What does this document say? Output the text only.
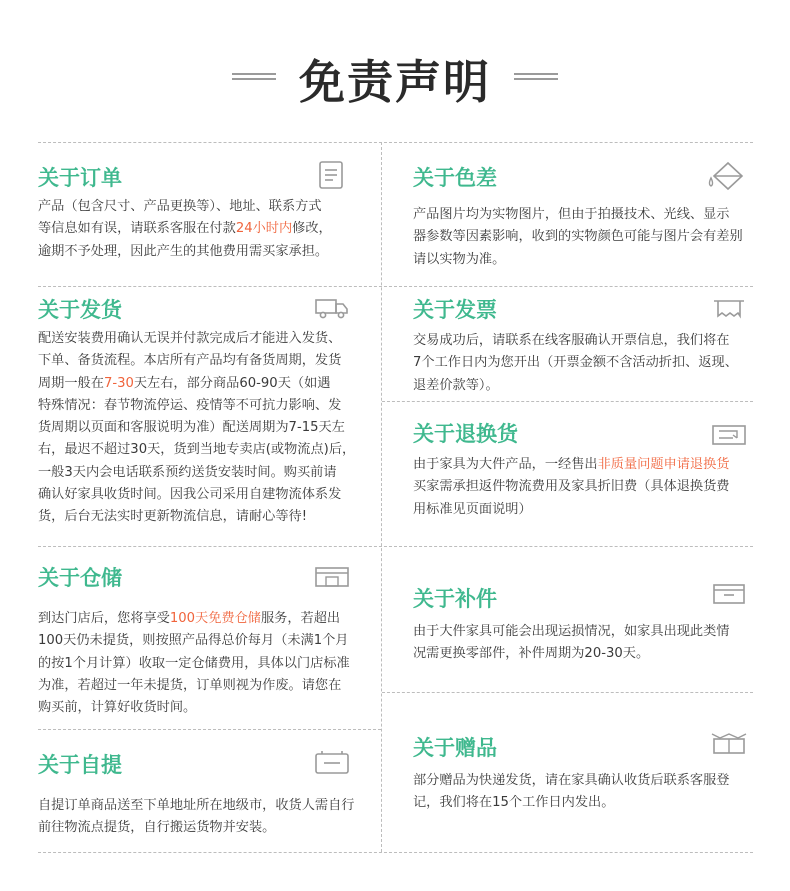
免责声明
关于订单
产品（包含尺寸、产品更换等）、地址、联系方式
等信息如有误，请联系客服在付款24小时内修改，
逾期不予处理，因此产生的其他费用需买家承担。
关于色差
产品图片均为实物图片，但由于拍摄技术、光线、显示
器参数等因素影响，收到的实物颜色可能与图片会有差别
请以实物为准。
关于发货
配送安装费用确认无误并付款完成后才能进入发货、
下单、备货流程。本店所有产品均有备货周期，发货
周期一般在7-30天左右，部分商品60-90天（如遇
特殊情况：春节物流停运、疫情等不可抗力影响、发
货周期以页面和客服说明为准）配送周期为7-15天左
右，最迟不超过30天，货到当地专卖店(或物流点)后，
一般3天内会电话联系预约送货安装时间。购买前请
确认好家具收货时间。因我公司采用自建物流体系发
货，后台无法实时更新物流信息，请耐心等待!
关于发票
交易成功后，请联系在线客服确认开票信息，我们将在
7个工作日内为您开出（开票金额不含活动折扣、返现、
退差价款等）。
关于退换货
由于家具为大件产品，一经售出非质量问题申请退换货
买家需承担返件物流费用及家具折旧费（具体退换货费
用标准见页面说明）
关于仓储
到达门店后，您将享受100天免费仓储服务，若超出
100天仍未提货，则按照产品得总价每月（未满1个月
的按1个月计算）收取一定仓储费用，具体以门店标准
为准，若超过一年未提货，订单则视为作废。请您在
购买前，计算好收货时间。
关于补件
由于大件家具可能会出现运损情况，如家具出现此类情
况需更换零部件，补件周期为20-30天。
关于自提
自提订单商品送至下单地址所在地级市，收货人需自行
前往物流点提货，自行搬运货物并安装。
关于赠品
部分赠品为快递发货，请在家具确认收货后联系客服登
记，我们将在15个工作日内发出。
